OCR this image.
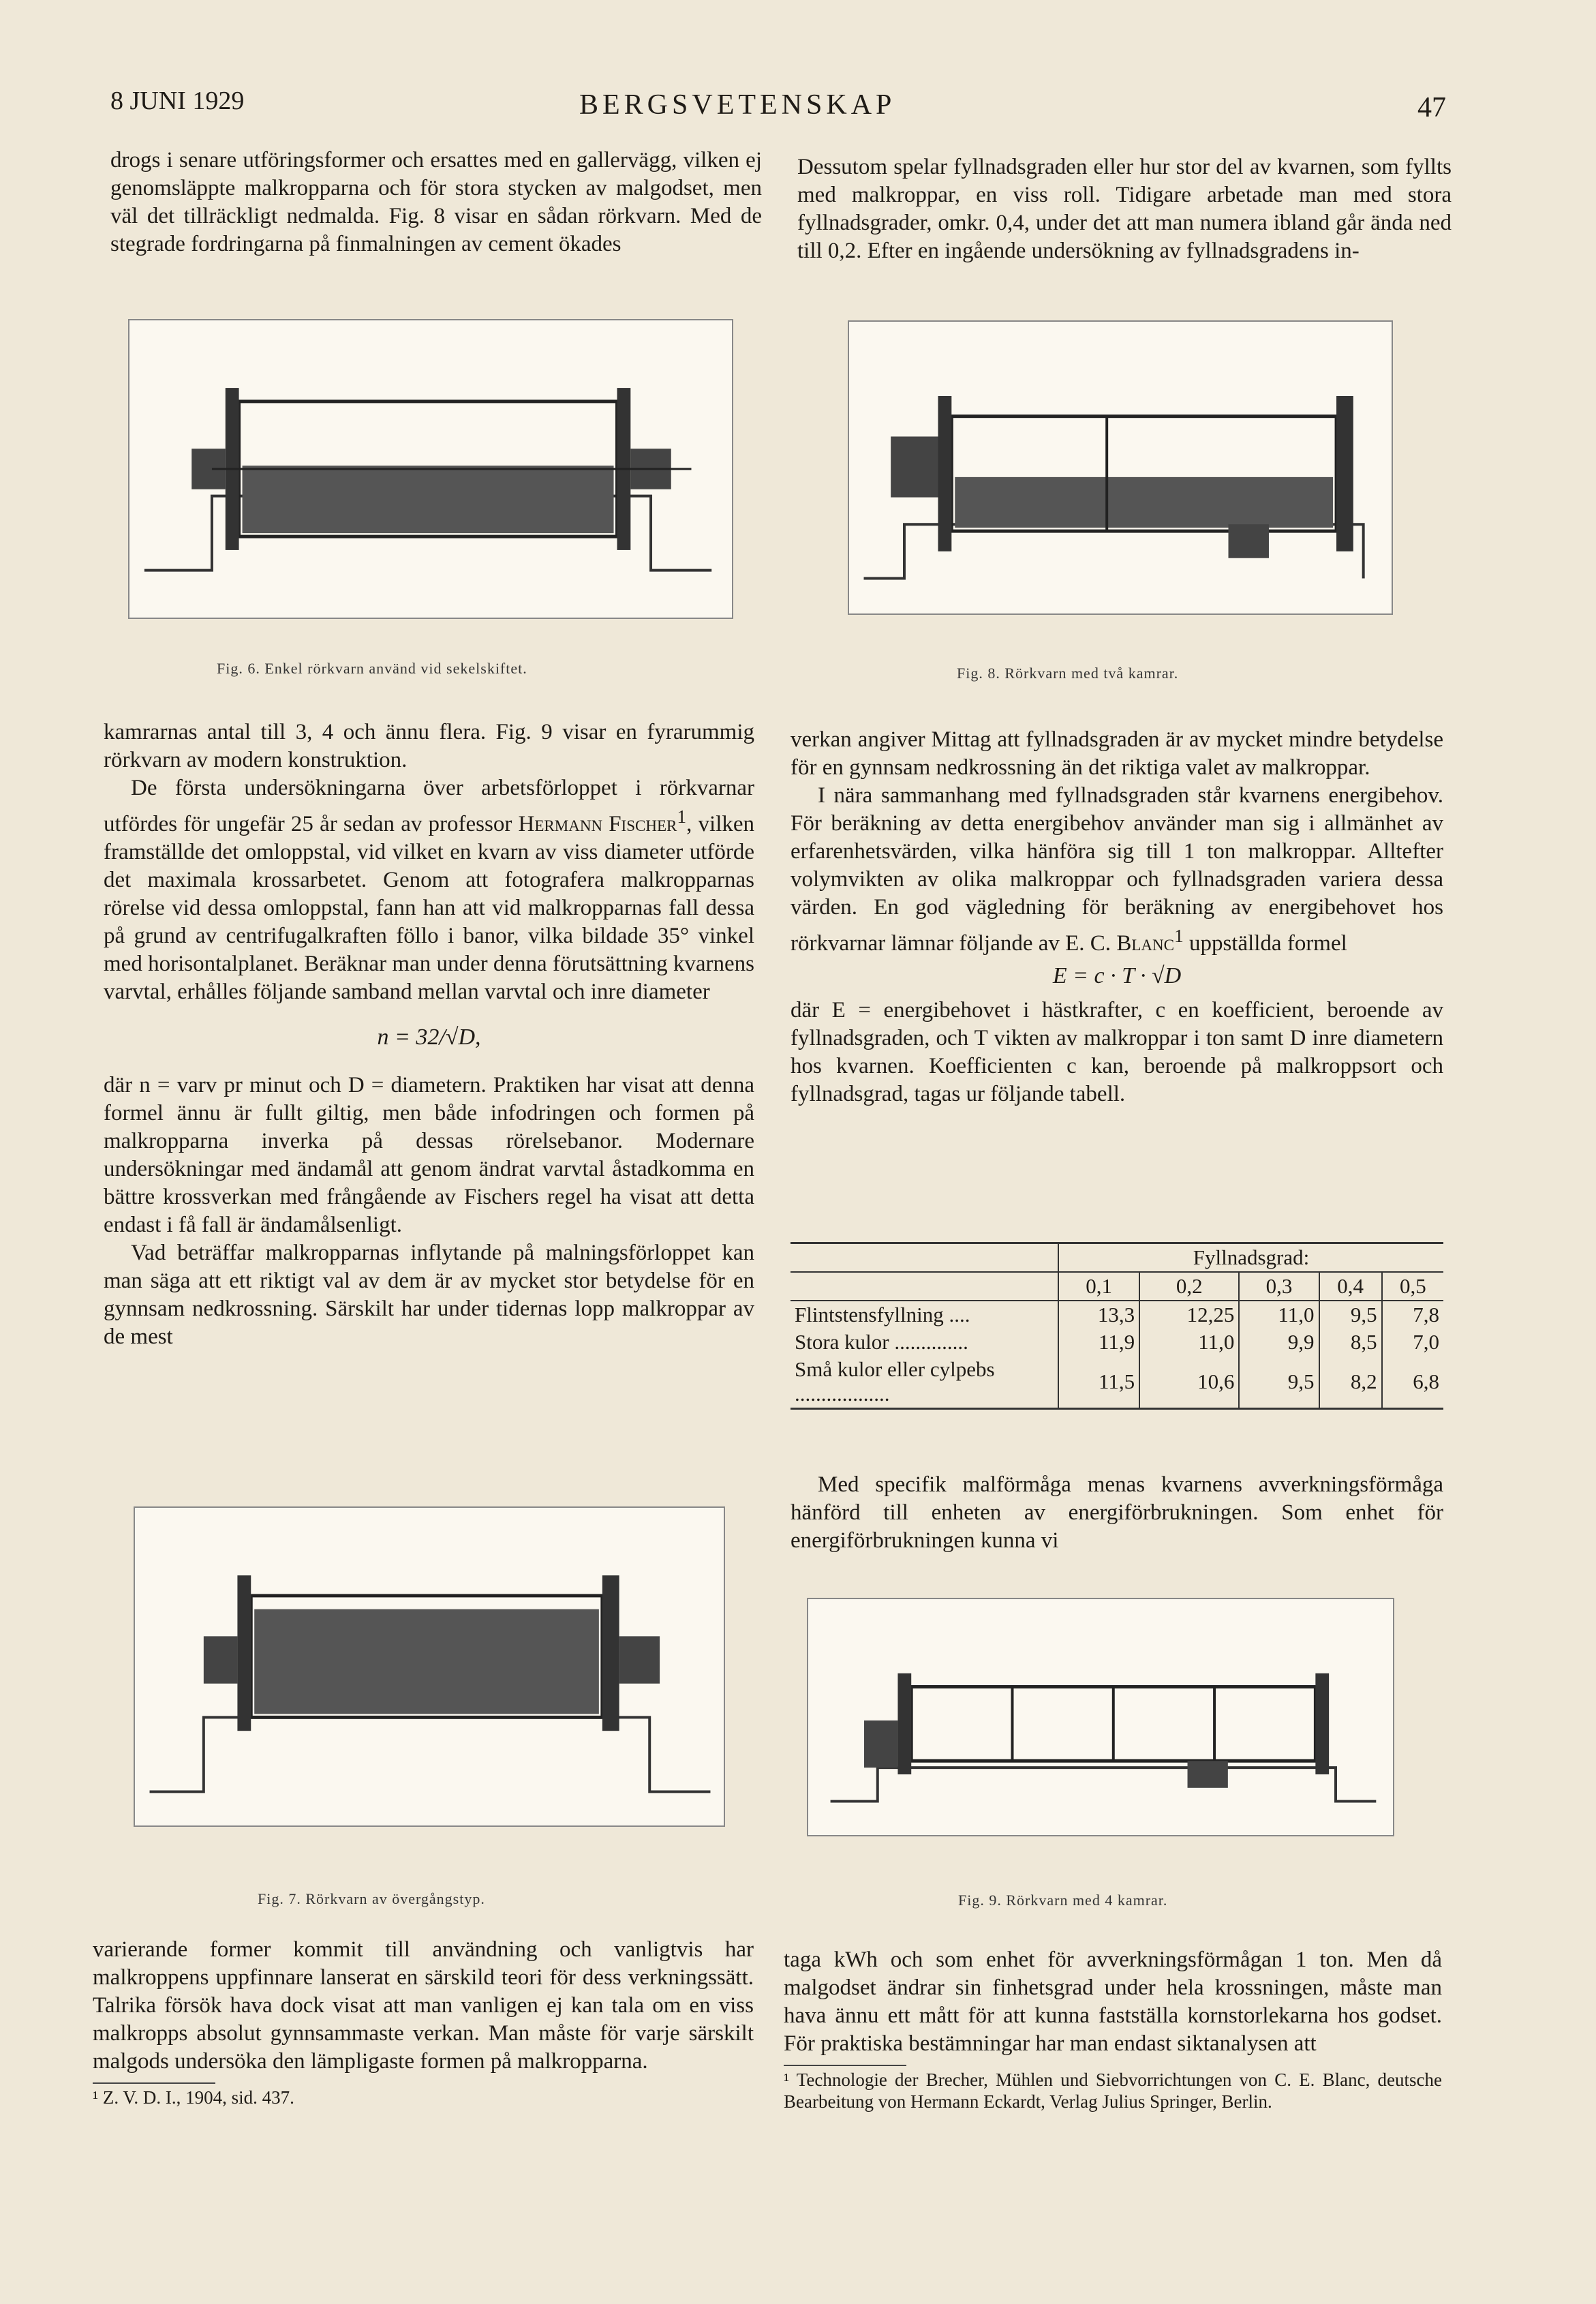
8 JUNI 1929	BERGSVETENSKAP	47

drogs i senare utföringsformer och ersattes med en gallervägg, vilken ej genomsläppte malkropparna och för stora stycken av malgodset, men väl det tillräckligt nedmalda. Fig. 8 visar en sådan rörkvarn. Med de stegrade fordringarna på finmalningen av cement ökades

Dessutom spelar fyllnadsgraden eller hur stor del av kvarnen, som fyllts med malkroppar, en viss roll. Tidigare arbetade man med stora fyllnadsgrader, omkr. 0,4, under det att man numera ibland går ända ned till 0,2. Efter en ingående undersökning av fyllnadsgradens in-

Fig. 6. Enkel rörkvarn använd vid sekelskiftet.	Fig. 8. Rörkvarn med två kamrar.

kamrarnas antal till 3, 4 och ännu flera. Fig. 9 visar en fyrarummig rörkvarn av modern konstruktion.

De första undersökningarna över arbetsförloppet i rörkvarnar utfördes för ungefär 25 år sedan av professor Hermann Fischer$^1$, vilken framställde det omloppstal, vid vilket en kvarn av viss diameter utförde det maximala krossarbetet. Genom att fotografera malkropparnas rörelse vid dessa omloppstal, fann han att vid malkropparnas fall dessa på grund av centrifugalkraften föllo i banor, vilka bildade 35° vinkel med horisontalplanet. Beräknar man under denna förutsättning kvarnens varvtal, erhålles följande samband mellan varvtal och inre diameter

n = 32/√D,

där n = varv pr minut och D = diametern. Praktiken har visat att denna formel ännu är fullt giltig, men både infodringen och formen på malkropparna inverka på dessas rörelsebanor. Modernare undersökningar med ändamål att genom ändrat varvtal åstadkomma en bättre krossverkan med frångående av Fischers regel ha visat att detta endast i få fall är ändamålsenligt.

Vad beträffar malkropparnas inflytande på malningsförloppet kan man säga att ett riktigt val av dem är av mycket stor betydelse för en gynnsam nedkrossning. Särskilt har under tidernas lopp malkroppar av de mest

verkan angiver Mittag att fyllnadsgraden är av mycket mindre betydelse för en gynnsam nedkrossning än det riktiga valet av malkroppar.

I nära sammanhang med fyllnadsgraden står kvarnens energibehov. För beräkning av detta energibehov använder man sig i allmänhet av erfarenhetsvärden, vilka hänföra sig till 1 ton malkroppar. Alltefter volymvikten av olika malkroppar och fyllnadsgraden variera dessa värden. En god vägledning för beräkning av energibehovet hos rörkvarnar lämnar följande av E. C. Blanc$^1$ uppställda formel

E = c · T · √D

där E = energibehovet i hästkrafter, c en koefficient, beroende av fyllnadsgraden, och T vikten av malkroppar i ton samt D inre diametern hos kvarnen. Koefficienten c kan, beroende på malkroppsort och fyllnadsgrad, tagas ur följande tabell.

	Fyllnadsgrad:				
	0,1	0,2	0,3	0,4	0,5
Flintstensfyllning ....	13,3	12,25	11,0	9,5	7,8
Stora kulor ..............	11,9	11,0	9,9	8,5	7,0
Små kulor eller cylpebs ..................	11,5	10,6	9,5	8,2	6,8

Med specifik malförmåga menas kvarnens avverkningsförmåga hänförd till enheten av energiförbrukningen. Som enhet för energiförbrukningen kunna vi

Fig. 7. Rörkvarn av övergångstyp.	Fig. 9. Rörkvarn med 4 kamrar.

varierande former kommit till användning och vanligtvis har malkroppens uppfinnare lanserat en särskild teori för dess verkningssätt. Talrika försök hava dock visat att man vanligen ej kan tala om en viss malkropps absolut gynnsammaste verkan. Man måste för varje särskilt malgods undersöka den lämpligaste formen på malkropparna.

¹ Z. V. D. I., 1904, sid. 437.

taga kWh och som enhet för avverkningsförmågan 1 ton. Men då malgodset ändrar sin finhetsgrad under hela krossningen, måste man hava ännu ett mått för att kunna fastställa kornstorlekarna hos godset. För praktiska bestämningar har man endast siktanalysen att

¹ Technologie der Brecher, Mühlen und Siebvorrichtungen von C. E. Blanc, deutsche Bearbeitung von Hermann Eckardt, Verlag Julius Springer, Berlin.
